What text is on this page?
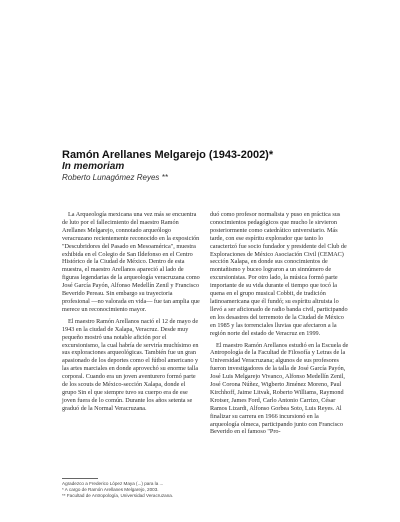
Ramón Arellanes Melgarejo (1943-2002)*
In memoriam
Roberto Lunagómez Reyes **

La Arqueología mexicana una vez más se encuentra de luto por el fallecimiento del maestro Ramón Arellanes Melgarejo, connotado arqueólogo veracruzano recientemente reconocido en la exposición "Descubridores del Pasado en Mesoamérica", muestra exhibida en el Colegio de San Ildefonso en el Centro Histórico de la Ciudad de México. Dentro de esta muestra, el maestro Arellanos apareció al lado de figuras legendarias de la arqueología veracruzana como José García Payón, Alfonso Medellín Zenil y Francisco Beverido Pereau. Sin embargo su trayectoria profesional —no valorada en vida— fue tan amplia que merece un reconocimiento mayor.

El maestro Ramón Arellanos nació el 12 de mayo de 1943 en la ciudad de Xalapa, Veracruz. Desde muy pequeño mostró una notable afición por el excursionismo, la cual habría de serviría muchísimo en sus exploraciones arqueológicas. También fue un gran apasionado de los deportes como el fútbol americano y las artes marciales en donde aprovechó su enorme talla corporal. Cuando era un joven aventurero formó parte de los scouts de México-sección Xalapa, donde el grupo Sin el que siempre tuvo su cuerpo era de ese joven fuera de lo común. Durante los años setenta se graduó de la Normal Veracruzana.

duó como profesor normalista y puso en práctica sus conocimientos pedagógicos que mucho le sirvieron posteriormente como catedrático universitario. Más tarde, con ese espíritu explorador que tanto lo caracterizó fue socio fundador y presidente del Club de Exploraciones de México Asociación Civil (CEMAC) sección Xalapa, en donde sus conocimientos de montañismo y buceo lograron a un sinnúmero de excursionistas. Por otro lado, la música formó parte importante de su vida durante el tiempo que tocó la quena en el grupo musical Cobbit, de tradición latinoamericana que él fundó; su espíritu altruista lo llevó a ser aficionado de radio banda civil, participando en los desastres del terremoto de la Ciudad de México en 1985 y las torrenciales lluvias que afectaron a la región norte del estado de Veracruz en 1999.

El maestro Ramón Arellanos estudió en la Escuela de Antropología de la Facultad de Filosofía y Letras de la Universidad Veracruzana; algunos de sus profesores fueron investigadores de la talla de José García Payón, José Luis Melgarejo Vivanco, Alfonso Medellín Zenil, José Corona Núñez, Wigberto Jiménez Moreno, Paul Kirchhoff, Jaime Litvak, Roberto Williams, Raymond Krotser, James Ford, Carlo Antonio Carrizo, César Ramos Lizardi, Alfonso Gorbea Soto, Luis Reyes. Al finalizar su carrera en 1966 incursionó en la arqueología olmeca, participando junto con Francisco Beverido en el famoso "Pro-

Agradezco a Frederico López Maya (...) para la ...
* A cargo de Ramón Arellanes Melgarejo, 2003.
** Facultad de Antropología, Universidad Veracruzana.
